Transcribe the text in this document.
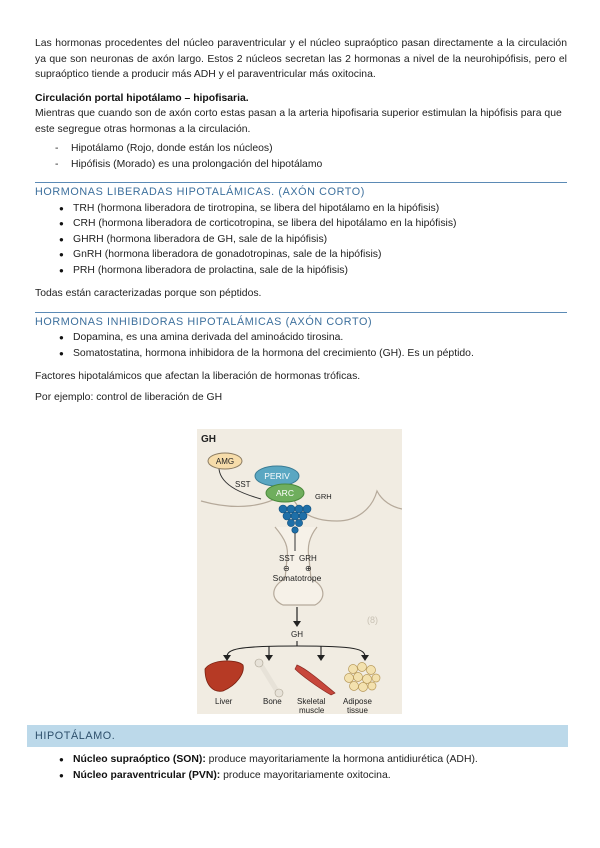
Las hormonas procedentes del núcleo paraventricular y el núcleo supraóptico pasan directamente a la circulación ya que son neuronas de axón largo. Estos 2 núcleos secretan las 2 hormonas a nivel de la neurohipófisis, pero el supraóptico tiende a producir más ADH y el paraventricular más oxitocina.

Circulación portal hipotálamo – hipofisaria.

Mientras que cuando son de axón corto estas pasan a la arteria hipofisaria superior estimulan la hipófisis para que este segregue otras hormonas a la circulación.

- Hipotálamo (Rojo, donde están los núcleos)
- Hipófisis (Morado) es una prolongación del hipotálamo
HORMONAS LIBERADAS HIPOTALÁMICAS. (AXÓN CORTO)
● TRH (hormona liberadora de tirotropina, se libera del hipotálamo en la hipófisis)
● CRH (hormona liberadora de corticotropina, se libera del hipotálamo en la hipófisis)
● GHRH (hormona liberadora de GH, sale de la hipófisis)
● GnRH (hormona liberadora de gonadotropinas, sale de la hipófisis)
● PRH (hormona liberadora de prolactina, sale de la hipófisis)

Todas están caracterizadas porque son péptidos.

HORMONAS INHIBIDORAS HIPOTALÁMICAS (AXÓN CORTO)
● Dopamina, es una amina derivada del aminoácido tirosina.
● Somatostatina, hormona inhibidora de la hormona del crecimiento (GH). Es un péptido.

Factores hipotalámicos que afectan la liberación de hormonas tróficas.

Por ejemplo: control de liberación de GH

GH
(8)
AMG
PERIV
ARC
SST
GRH
SST GRH
⊖ ⊕
Somatotrope
GH
Liver	Bone Skeletal
muscle
Adipose
tissue
HIPOTÁLAMO.
● Núcleo supraóptico (SON): produce mayoritariamente la hormona antidiurética (ADH).
● Núcleo paraventricular (PVN): produce mayoritariamente oxitocina.
